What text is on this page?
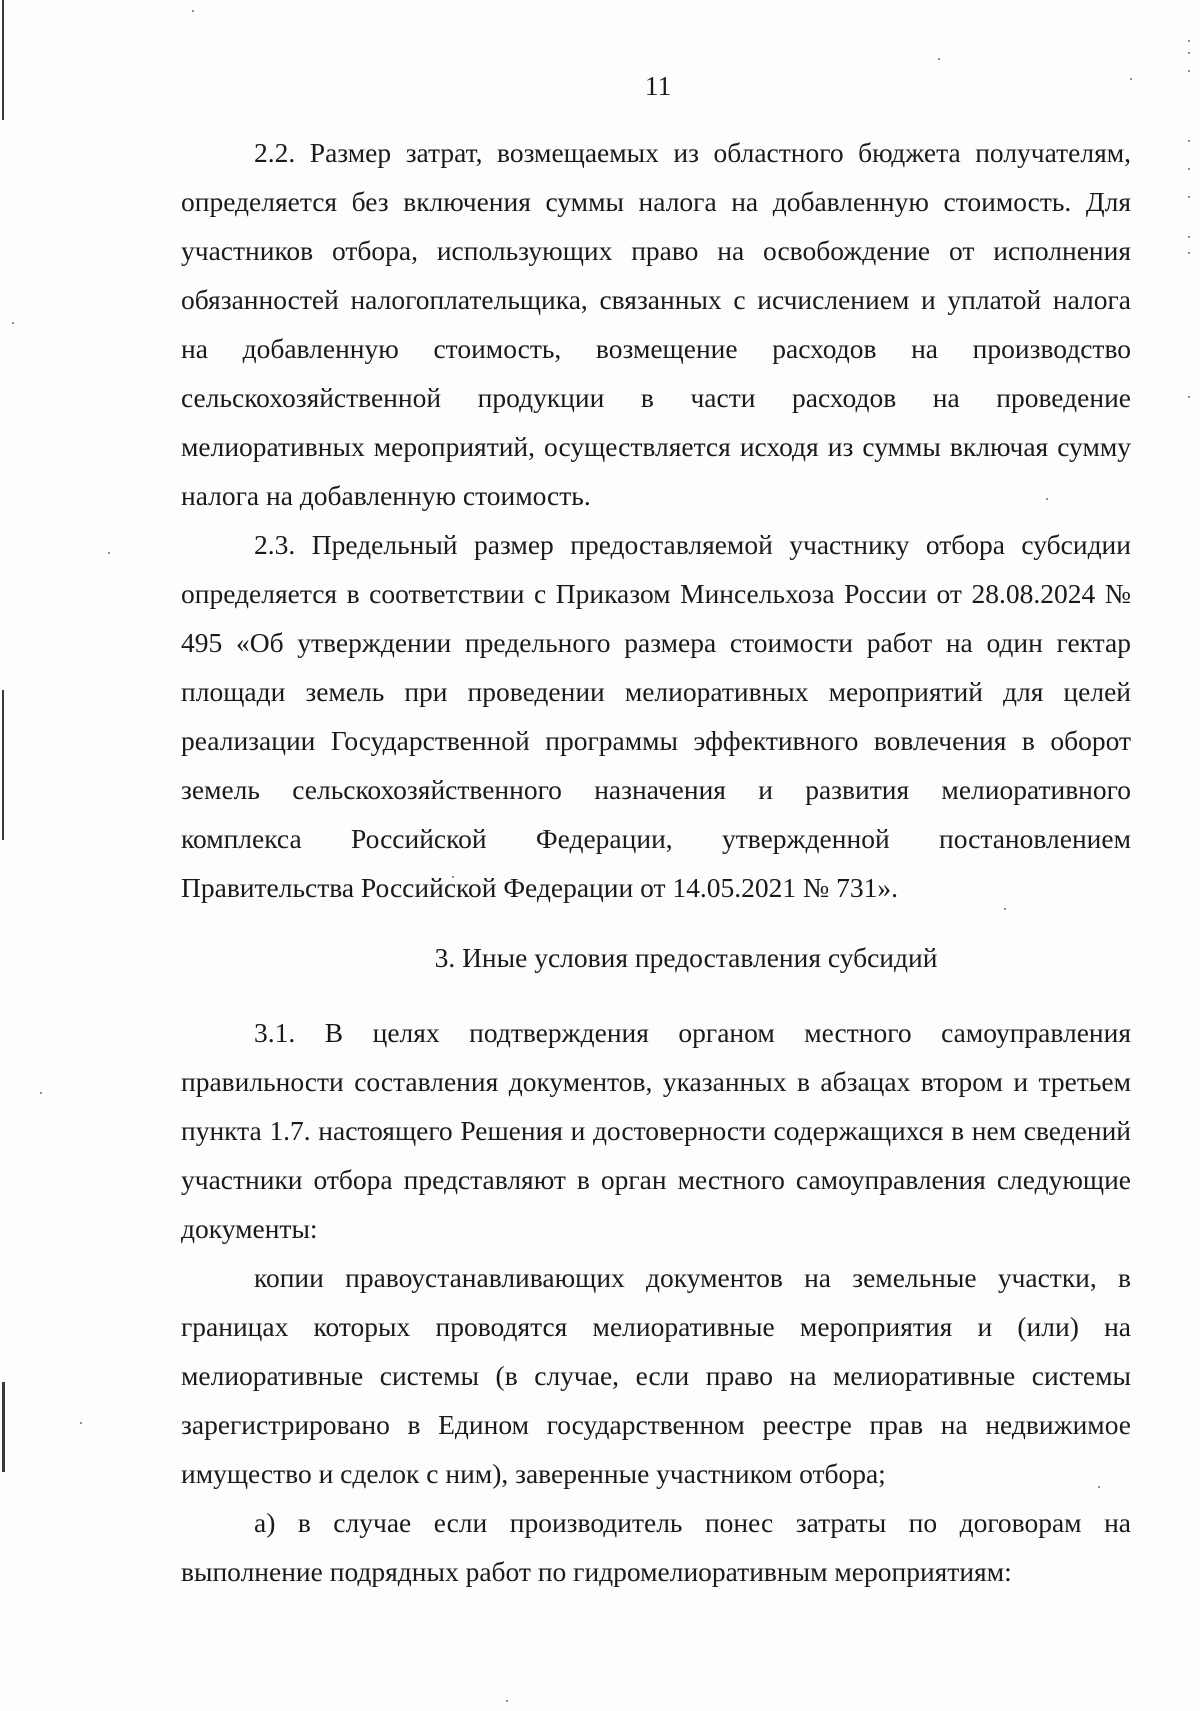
11

2.2. Размер затрат, возмещаемых из областного бюджета получателям, определяется без включения суммы налога на добавленную стоимость. Для участников отбора, использующих право на освобождение от исполнения обязанностей налогоплательщика, связанных с исчислением и уплатой налога на добавленную стоимость, возмещение расходов на производство сельскохозяйственной продукции в части расходов на проведение мелиоративных мероприятий, осуществляется исходя из суммы включая сумму налога на добавленную стоимость.

2.3. Предельный размер предоставляемой участнику отбора субсидии определяется в соответствии с Приказом Минсельхоза России от 28.08.2024 № 495 «Об утверждении предельного размера стоимости работ на один гектар площади земель при проведении мелиоративных мероприятий для целей реализации Государственной программы эффективного вовлечения в оборот земель сельскохозяйственного назначения и развития мелиоративного комплекса Российской Федерации, утвержденной постановлением Правительства Российской Федерации от 14.05.2021 № 731».

3. Иные условия предоставления субсидий

3.1. В целях подтверждения органом местного самоуправления правильности составления документов, указанных в абзацах втором и третьем пункта 1.7. настоящего Решения и достоверности содержащихся в нем сведений участники отбора представляют в орган местного самоуправления следующие документы:

копии правоустанавливающих документов на земельные участки, в границах которых проводятся мелиоративные мероприятия и (или) на мелиоративные системы (в случае, если право на мелиоративные системы зарегистрировано в Едином государственном реестре прав на недвижимое имущество и сделок с ним), заверенные участником отбора;

а) в случае если производитель понес затраты по договорам на выполнение подрядных работ по гидромелиоративным мероприятиям:
